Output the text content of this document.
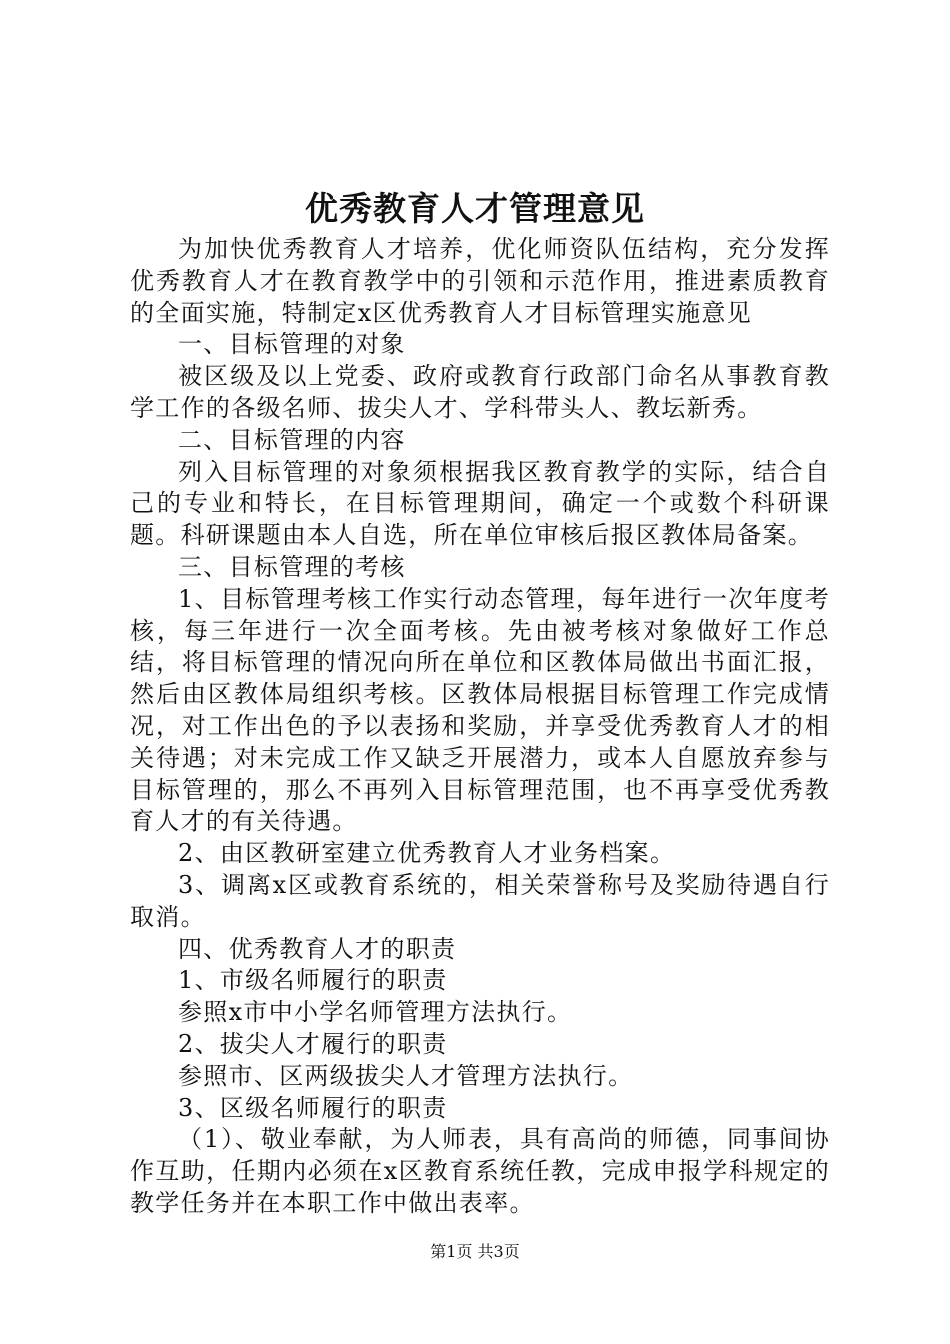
优秀教育人才管理意见

为加快优秀教育人才培养，优化师资队伍结构，充分发挥优秀教育人才在教育教学中的引领和示范作用，推进素质教育的全面实施，特制定x区优秀教育人才目标管理实施意见

一、目标管理的对象

被区级及以上党委、政府或教育行政部门命名从事教育教学工作的各级名师、拔尖人才、学科带头人、教坛新秀。

二、目标管理的内容

列入目标管理的对象须根据我区教育教学的实际，结合自己的专业和特长，在目标管理期间，确定一个或数个科研课题。科研课题由本人自选，所在单位审核后报区教体局备案。

三、目标管理的考核

1、目标管理考核工作实行动态管理，每年进行一次年度考核，每三年进行一次全面考核。先由被考核对象做好工作总结，将目标管理的情况向所在单位和区教体局做出书面汇报，然后由区教体局组织考核。区教体局根据目标管理工作完成情况，对工作出色的予以表扬和奖励，并享受优秀教育人才的相关待遇；对未完成工作又缺乏开展潜力，或本人自愿放弃参与目标管理的，那么不再列入目标管理范围，也不再享受优秀教育人才的有关待遇。

2、由区教研室建立优秀教育人才业务档案。

3、调离x区或教育系统的，相关荣誉称号及奖励待遇自行取消。

四、优秀教育人才的职责

1、市级名师履行的职责

参照x市中小学名师管理方法执行。

2、拔尖人才履行的职责

参照市、区两级拔尖人才管理方法执行。

3、区级名师履行的职责

（1）、敬业奉献，为人师表，具有高尚的师德，同事间协作互助，任期内必须在x区教育系统任教，完成申报学科规定的教学任务并在本职工作中做出表率。

第1页 共3页
